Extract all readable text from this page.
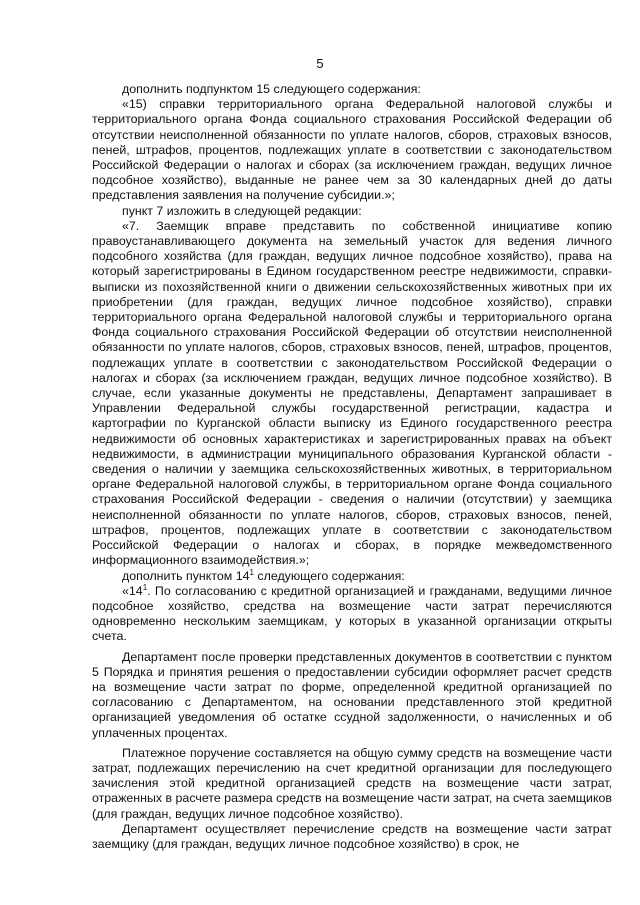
5

дополнить подпунктом 15 следующего содержания:

«15) справки территориального органа Федеральной налоговой службы и территориального органа Фонда социального страхования Российской Федерации об отсутствии неисполненной обязанности по уплате налогов, сборов, страховых взносов, пеней, штрафов, процентов, подлежащих уплате в соответствии с законодательством Российской Федерации о налогах и сборах (за исключением граждан, ведущих личное подсобное хозяйство), выданные не ранее чем за 30 календарных дней до даты представления заявления на получение субсидии.»;

пункт 7 изложить в следующей редакции:

«7. Заемщик вправе представить по собственной инициативе копию правоустанавливающего документа на земельный участок для ведения личного подсобного хозяйства (для граждан, ведущих личное подсобное хозяйство), права на который зарегистрированы в Едином государственном реестре недвижимости, справки-выписки из похозяйственной книги о движении сельскохозяйственных животных при их приобретении (для граждан, ведущих личное подсобное хозяйство), справки территориального органа Федеральной налоговой службы и территориального органа Фонда социального страхования Российской Федерации об отсутствии неисполненной обязанности по уплате налогов, сборов, страховых взносов, пеней, штрафов, процентов, подлежащих уплате в соответствии с законодательством Российской Федерации о налогах и сборах (за исключением граждан, ведущих личное подсобное хозяйство). В случае, если указанные документы не представлены, Департамент запрашивает в Управлении Федеральной службы государственной регистрации, кадастра и картографии по Курганской области выписку из Единого государственного реестра недвижимости об основных характеристиках и зарегистрированных правах на объект недвижимости, в администрации муниципального образования Курганской области - сведения о наличии у заемщика сельскохозяйственных животных, в территориальном органе Федеральной налоговой службы, в территориальном органе Фонда социального страхования Российской Федерации - сведения о наличии (отсутствии) у заемщика неисполненной обязанности по уплате налогов, сборов, страховых взносов, пеней, штрафов, процентов, подлежащих уплате в соответствии с законодательством Российской Федерации о налогах и сборах, в порядке межведомственного информационного взаимодействия.»;

дополнить пунктом $14^1$ следующего содержания:

«$14^1$. По согласованию с кредитной организацией и гражданами, ведущими личное подсобное хозяйство, средства на возмещение части затрат перечисляются одновременно нескольким заемщикам, у которых в указанной организации открыты счета.

Департамент после проверки представленных документов в соответствии с пунктом 5 Порядка и принятия решения о предоставлении субсидии оформляет расчет средств на возмещение части затрат по форме, определенной кредитной организацией по согласованию с Департаментом, на основании представленного этой кредитной организацией уведомления об остатке ссудной задолженности, о начисленных и об уплаченных процентах.

Платежное поручение составляется на общую сумму средств на возмещение части затрат, подлежащих перечислению на счет кредитной организации для последующего зачисления этой кредитной организацией средств на возмещение части затрат, отраженных в расчете размера средств на возмещение части затрат, на счета заемщиков (для граждан, ведущих личное подсобное хозяйство).

Департамент осуществляет перечисление средств на возмещение части затрат заемщику (для граждан, ведущих личное подсобное хозяйство) в срок, не
